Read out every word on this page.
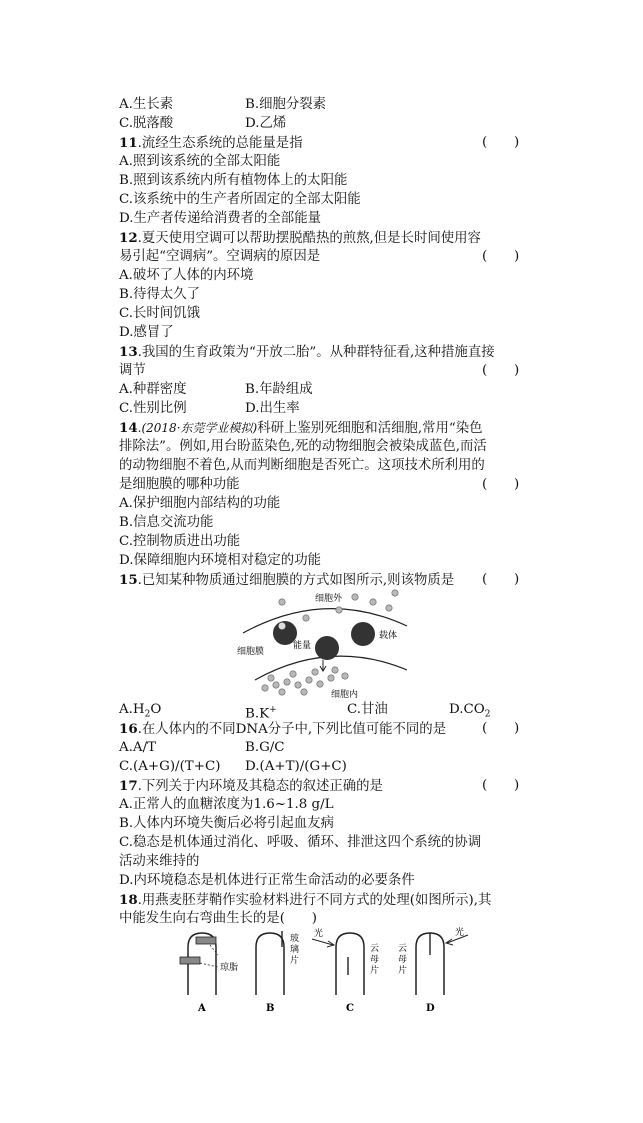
A.生长素	B.细胞分裂素
C.脱落酸	D.乙烯
11.流经生态系统的总能量是指	(　　)
A.照到该系统的全部太阳能
B.照到该系统内所有植物体上的太阳能
C.该系统中的生产者所固定的全部太阳能
D.生产者传递给消费者的全部能量
12.夏天使用空调可以帮助摆脱酷热的煎熬,但是长时间使用容
易引起“空调病”。空调病的原因是	(　　)
A.破坏了人体的内环境
B.待得太久了
C.长时间饥饿
D.感冒了
13.我国的生育政策为“开放二胎”。从种群特征看,这种措施直接
调节	(　　)
A.种群密度	B.年龄组成
C.性别比例	D.出生率
14.(2018·东莞学业模拟)科研上鉴别死细胞和活细胞,常用“染色
排除法”。例如,用台盼蓝染色,死的动物细胞会被染成蓝色,而活
的动物细胞不着色,从而判断细胞是否死亡。这项技术所利用的
是细胞膜的哪种功能	(　　)
A.保护细胞内部结构的功能
B.信息交流功能
C.控制物质进出功能
D.保障细胞内环境相对稳定的功能
15.已知某种物质通过细胞膜的方式如图所示,则该物质是 (　　)
细胞外
细胞膜
能量
载体
细胞内
$A.H_2O$	B.K+	C.甘油	$D.CO_2$
16.在人体内的不同DNA分子中,下列比值可能不同的是	(　　)
A.A/T	B.G/C
C.(A+G)/(T+C) D.(A+T)/(G+C)
17.下列关于内环境及其稳态的叙述正确的是	(　　)
A.正常人的血糖浓度为1.6~1.8 g/L
B.人体内环境失衡后必将引起血友病
C.稳态是机体通过消化、呼吸、循环、排泄这四个系统的协调
活动来维持的
D.内环境稳态是机体进行正常生命活动的必要条件
18.用燕麦胚芽鞘作实验材料进行不同方式的处理(如图所示),其
中能发生向右弯曲生长的是(　　)
琼脂
玻璃片
光
云母片
光
云母片
A	B	C	D
